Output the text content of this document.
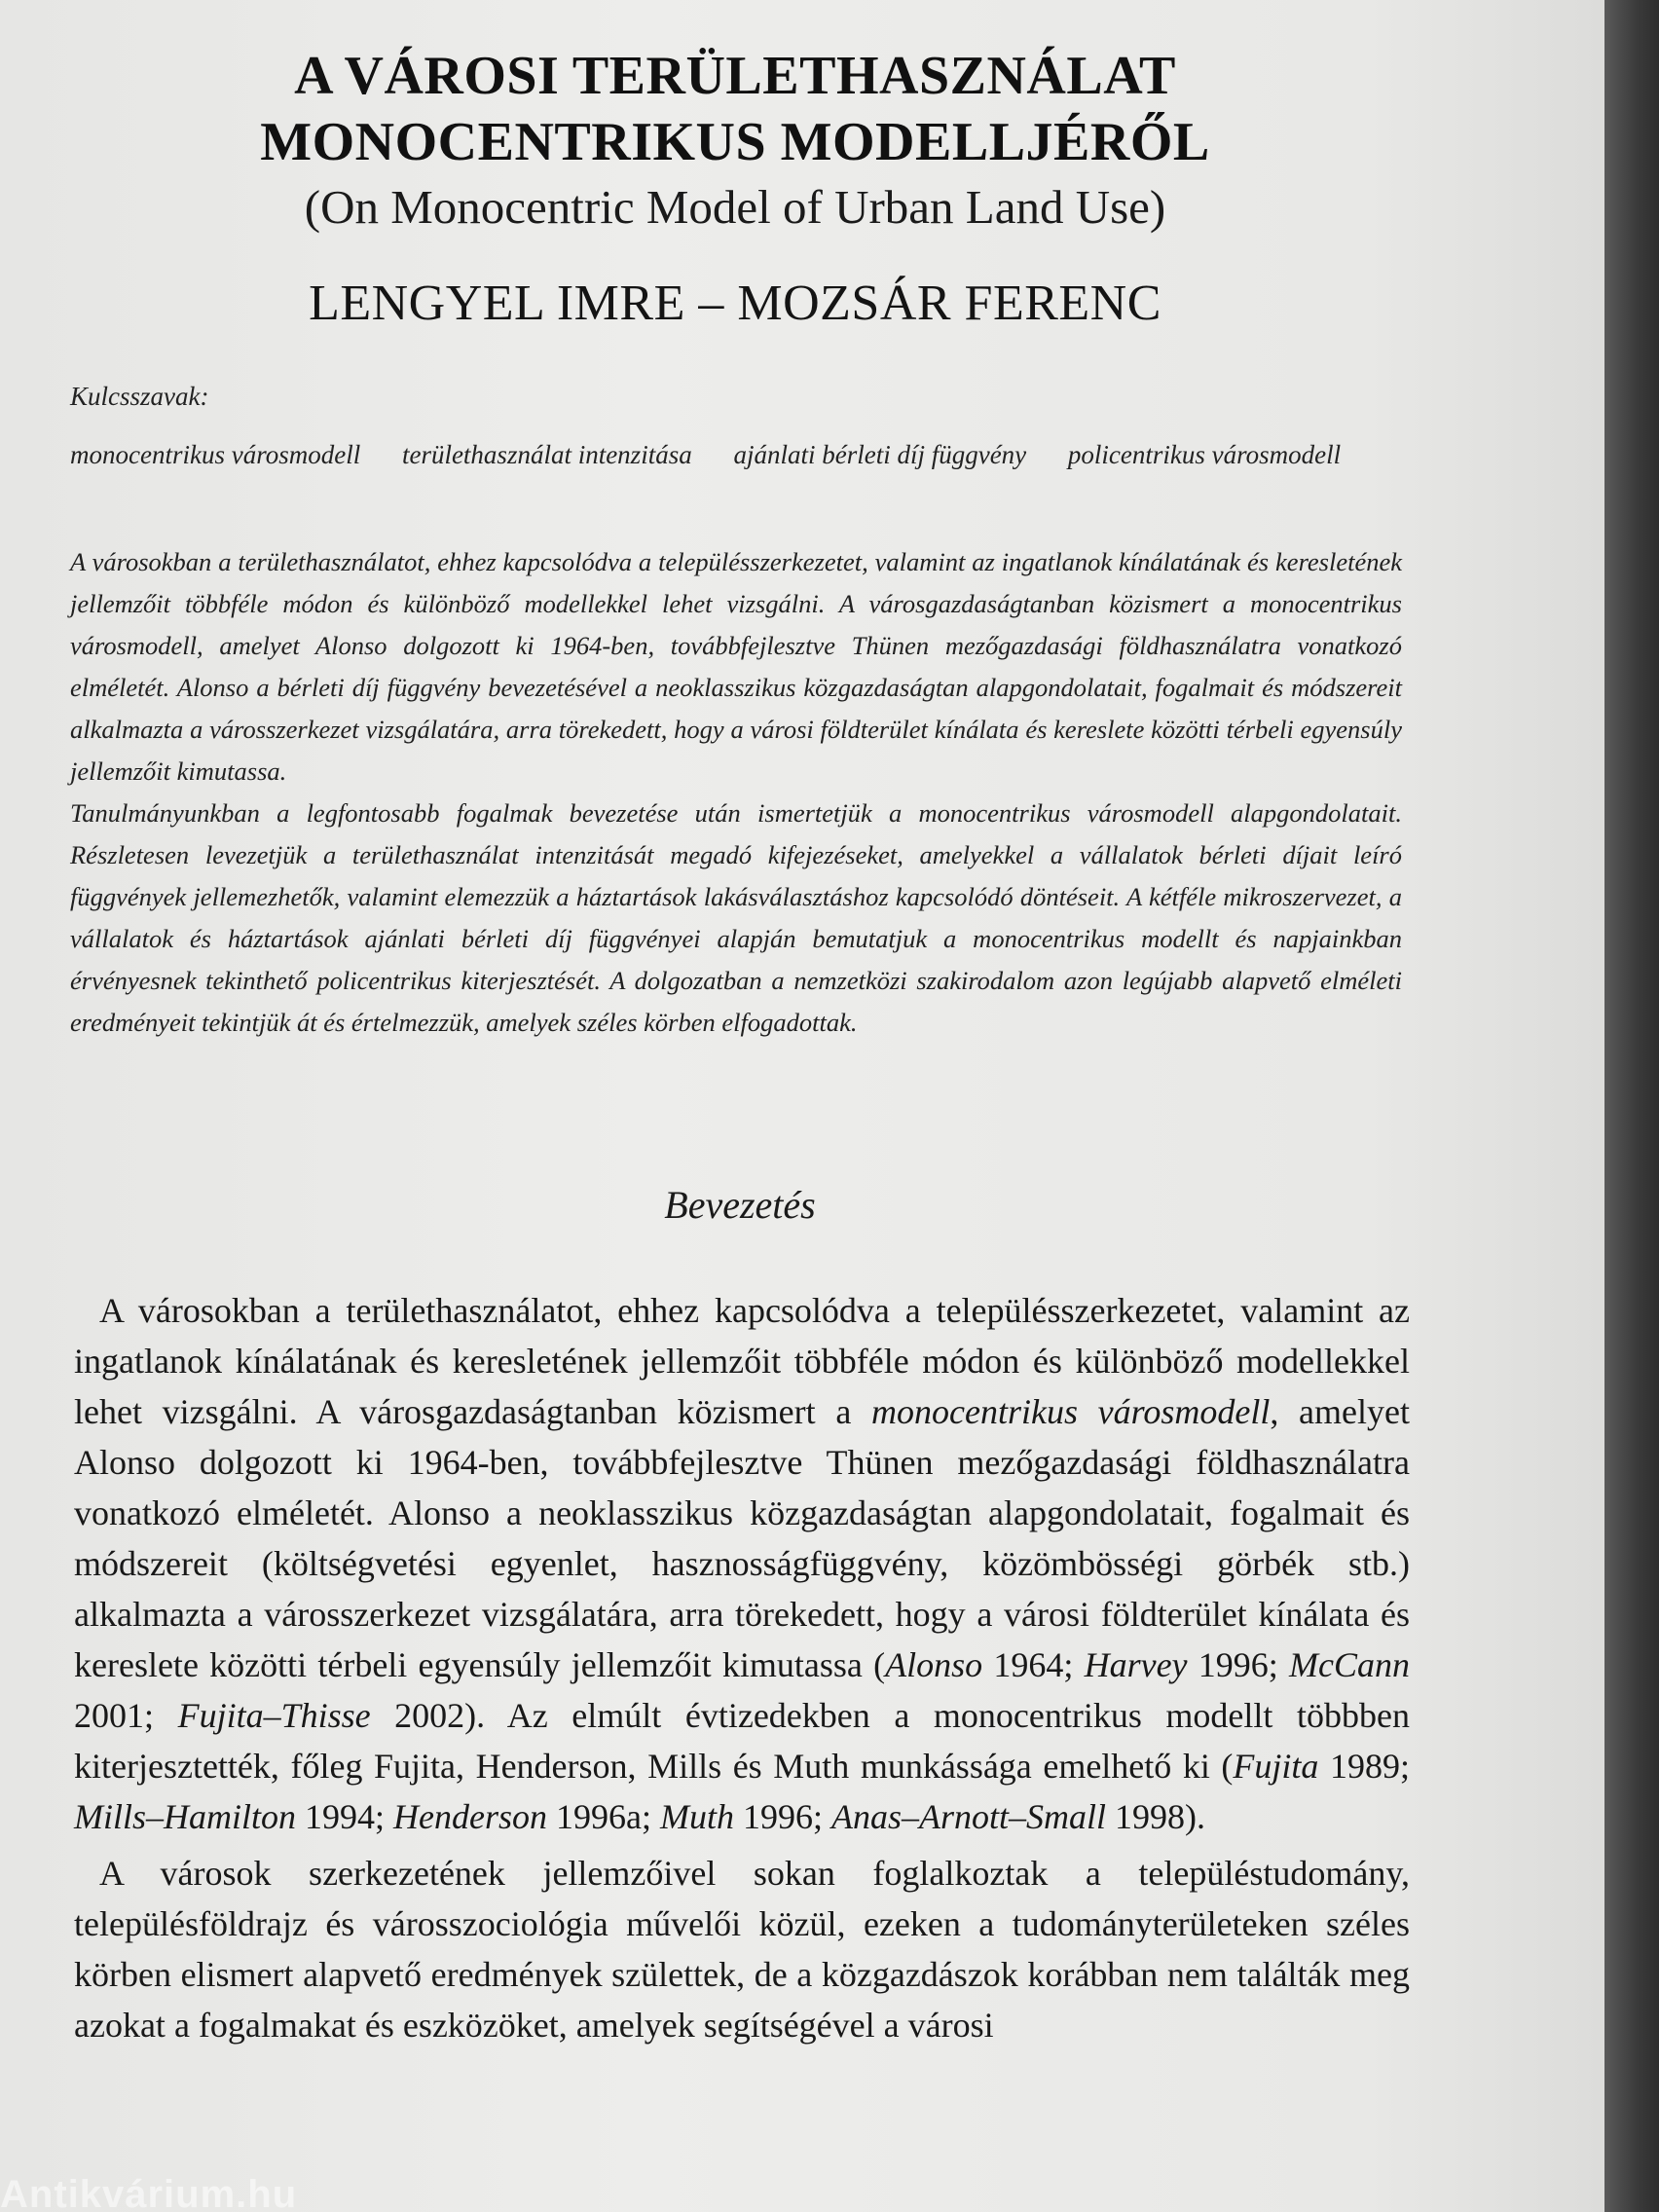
A VÁROSI TERÜLETHASZNÁLAT
MONOCENTRIKUS MODELLJÉRŐL
(On Monocentric Model of Urban Land Use)
LENGYEL IMRE – MOZSÁR FERENC
Kulcsszavak:
monocentrikus városmodell területhasználat intenzitása ajánlati bérleti díj függvény policentrikus városmodell

A városokban a területhasználatot, ehhez kapcsolódva a településszerkezetet, valamint az ingatlanok kínálatának és keresletének jellemzőit többféle módon és különböző modellekkel lehet vizsgálni. A városgazdaságtanban közismert a monocentrikus városmodell, amelyet Alonso dolgozott ki 1964-ben, továbbfejlesztve Thünen mezőgazdasági földhasználatra vonatkozó elméletét. Alonso a bérleti díj függvény bevezetésével a neoklasszikus közgazdaságtan alapgondolatait, fogalmait és módszereit alkalmazta a városszerkezet vizsgálatára, arra törekedett, hogy a városi földterület kínálata és kereslete közötti térbeli egyensúly jellemzőit kimutassa.

Tanulmányunkban a legfontosabb fogalmak bevezetése után ismertetjük a monocentrikus városmodell alapgondolatait. Részletesen levezetjük a területhasználat intenzitását megadó kifejezéseket, amelyekkel a vállalatok bérleti díjait leíró függvények jellemezhetők, valamint elemezzük a háztartások lakásválasztáshoz kapcsolódó döntéseit. A kétféle mikroszervezet, a vállalatok és háztartások ajánlati bérleti díj függvényei alapján bemutatjuk a monocentrikus modellt és napjainkban érvényesnek tekinthető policentrikus kiterjesztését. A dolgozatban a nemzetközi szakirodalom azon legújabb alapvető elméleti eredményeit tekintjük át és értelmezzük, amelyek széles körben elfogadottak.

Bevezetés

A városokban a területhasználatot, ehhez kapcsolódva a településszerkezetet, valamint az ingatlanok kínálatának és keresletének jellemzőit többféle módon és különböző modellekkel lehet vizsgálni. A városgazdaságtanban közismert a monocentrikus városmodell, amelyet Alonso dolgozott ki 1964-ben, továbbfejlesztve Thünen mezőgazdasági földhasználatra vonatkozó elméletét. Alonso a neoklasszikus közgazdaságtan alapgondolatait, fogalmait és módszereit (költségvetési egyenlet, hasznosságfüggvény, közömbösségi görbék stb.) alkalmazta a városszerkezet vizsgálatára, arra törekedett, hogy a városi földterület kínálata és kereslete közötti térbeli egyensúly jellemzőit kimutassa (Alonso 1964; Harvey 1996; McCann 2001; Fujita–Thisse 2002). Az elmúlt évtizedekben a monocentrikus modellt többben kiterjesztették, főleg Fujita, Henderson, Mills és Muth munkássága emelhető ki (Fujita 1989; Mills–Hamilton 1994; Henderson 1996a; Muth 1996; Anas–Arnott–Small 1998).

A városok szerkezetének jellemzőivel sokan foglalkoztak a településtudomány, településföldrajz és városszociológia művelői közül, ezeken a tudományterületeken széles körben elismert alapvető eredmények születtek, de a közgazdászok korábban nem találták meg azokat a fogalmakat és eszközöket, amelyek segítségével a városi

Antikvárium.hu
